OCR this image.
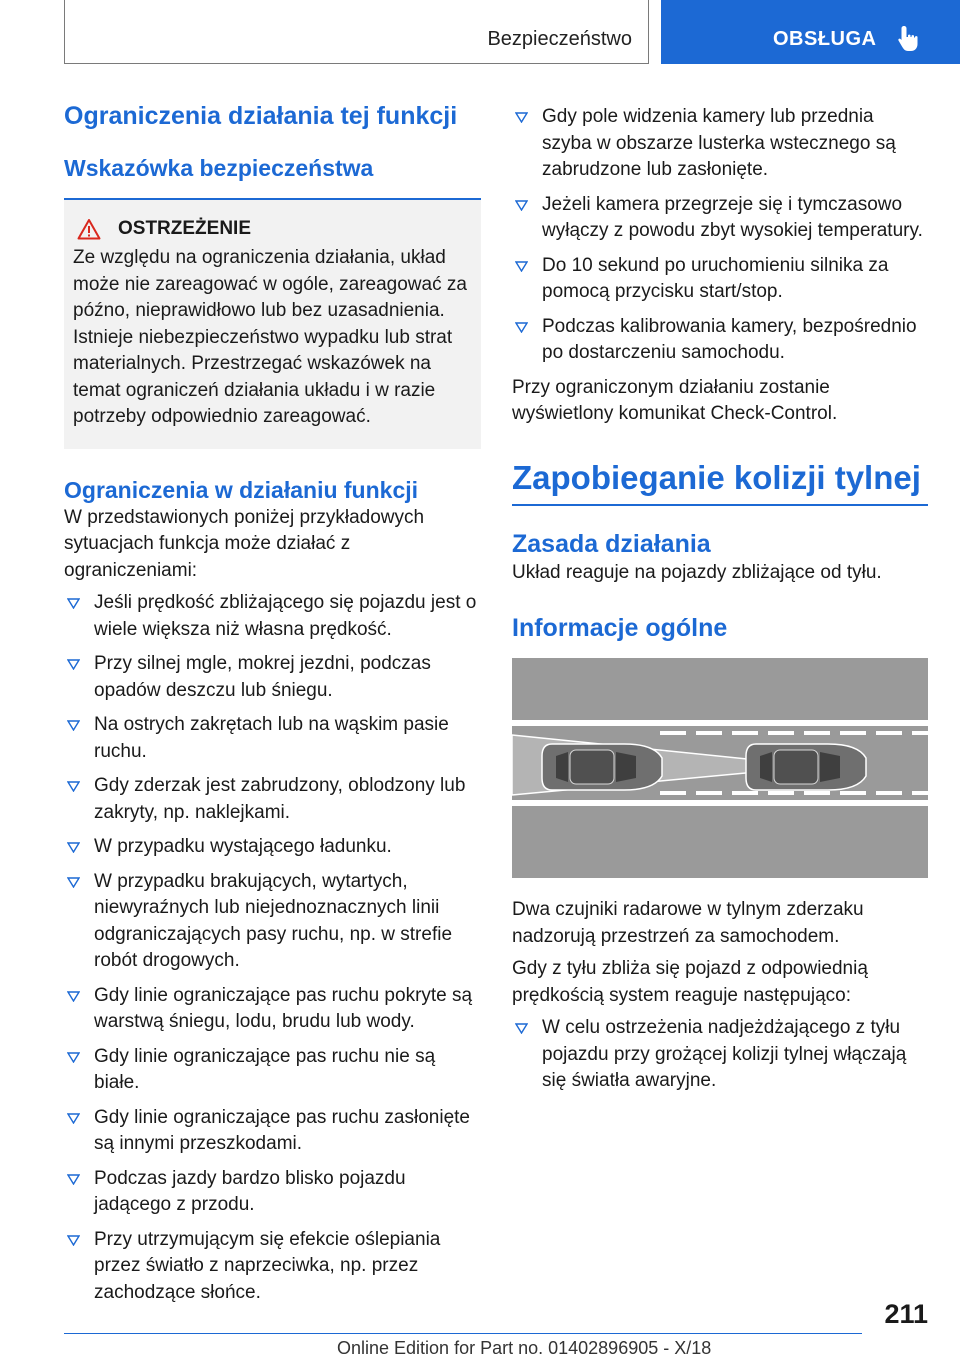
Bezpieczeństwo	OBSŁUGA
Ograniczenia działania tej funkcji
Wskazówka bezpieczeństwa
OSTRZEŻENIE
Ze względu na ograniczenia działania, układ może nie zareagować w ogóle, zareagować za późno, nieprawidłowo lub bez uzasadnienia. Istnieje niebezpieczeństwo wypadku lub strat materialnych. Przestrzegać wskazówek na temat ograniczeń działania układu i w razie potrzeby odpowiednio zareagować.
Ograniczenia w działaniu funkcji

W przedstawionych poniżej przykładowych sytuacjach funkcja może działać z ograniczeniami:

Jeśli prędkość zbliżającego się pojazdu jest o wiele większa niż własna prędkość.
Przy silnej mgle, mokrej jezdni, podczas opadów deszczu lub śniegu.
Na ostrych zakrętach lub na wąskim pasie ruchu.
Gdy zderzak jest zabrudzony, oblodzony lub zakryty, np. naklejkami.
W przypadku wystającego ładunku.
W przypadku brakujących, wytartych, niewyraźnych lub niejednoznacznych linii odgraniczających pasy ruchu, np. w strefie robót drogowych.
Gdy linie ograniczające pas ruchu pokryte są warstwą śniegu, lodu, brudu lub wody.
Gdy linie ograniczające pas ruchu nie są białe.
Gdy linie ograniczające pas ruchu zasłonięte są innymi przeszkodami.
Podczas jazdy bardzo blisko pojazdu jadącego z przodu.
Przy utrzymującym się efekcie oślepiania przez światło z naprzeciwka, np. przez zachodzące słońce.
Gdy pole widzenia kamery lub przednia szyba w obszarze lusterka wstecznego są zabrudzone lub zasłonięte.
Jeżeli kamera przegrzeje się i tymczasowo wyłączy z powodu zbyt wysokiej temperatury.
Do 10 sekund po uruchomieniu silnika za pomocą przycisku start/stop.
Podczas kalibrowania kamery, bezpośrednio po dostarczeniu samochodu.

Przy ograniczonym działaniu zostanie wyświetlony komunikat Check-Control.

Zapobieganie kolizji tylnej
Zasada działania

Układ reaguje na pojazdy zbliżające od tyłu.

Informacje ogólne

Dwa czujniki radarowe w tylnym zderzaku nadzorują przestrzeń za samochodem.

Gdy z tyłu zbliża się pojazd z odpowiednią prędkością system reaguje następująco:

W celu ostrzeżenia nadjeżdżającego z tyłu pojazdu przy grożącej kolizji tylnej włączają się światła awaryjne.
211
Online Edition for Part no. 01402896905 - X/18
